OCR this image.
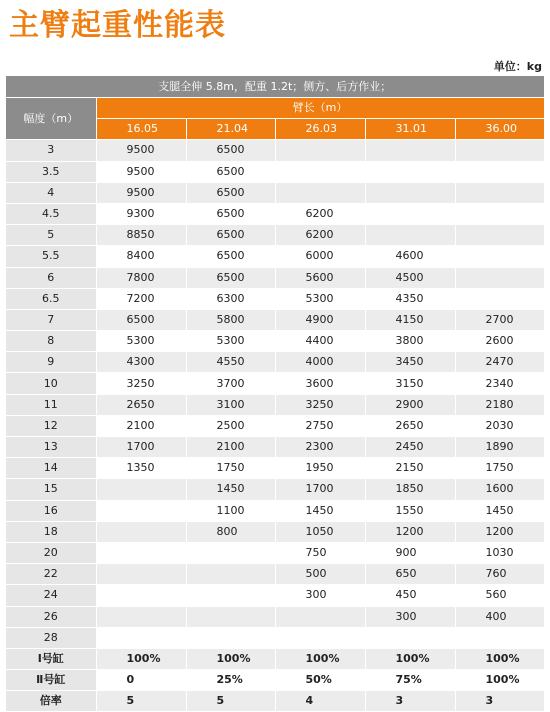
主臂起重性能表
单位：kg
支腿全伸 5.8m，配重 1.2t；侧方、后方作业；					
幅度（m）	臂长（m）				
	16.05	21.04	26.03	31.01	36.00
3	9500	6500			
3.5	9500	6500			
4	9500	6500			
4.5	9300	6500	6200		
5	8850	6500	6200		
5.5	8400	6500	6000	4600	
6	7800	6500	5600	4500	
6.5	7200	6300	5300	4350	
7	6500	5800	4900	4150	2700
8	5300	5300	4400	3800	2600
9	4300	4550	4000	3450	2470
10	3250	3700	3600	3150	2340
11	2650	3100	3250	2900	2180
12	2100	2500	2750	2650	2030
13	1700	2100	2300	2450	1890
14	1350	1750	1950	2150	1750
15		1450	1700	1850	1600
16		1100	1450	1550	1450
18		800	1050	1200	1200
20			750	900	1030
22			500	650	760
24			300	450	560
26				300	400
28					
Ⅰ号缸	100%	100%	100%	100%	100%
Ⅱ号缸	0	25%	50%	75%	100%
倍率	5	5	4	3	3
